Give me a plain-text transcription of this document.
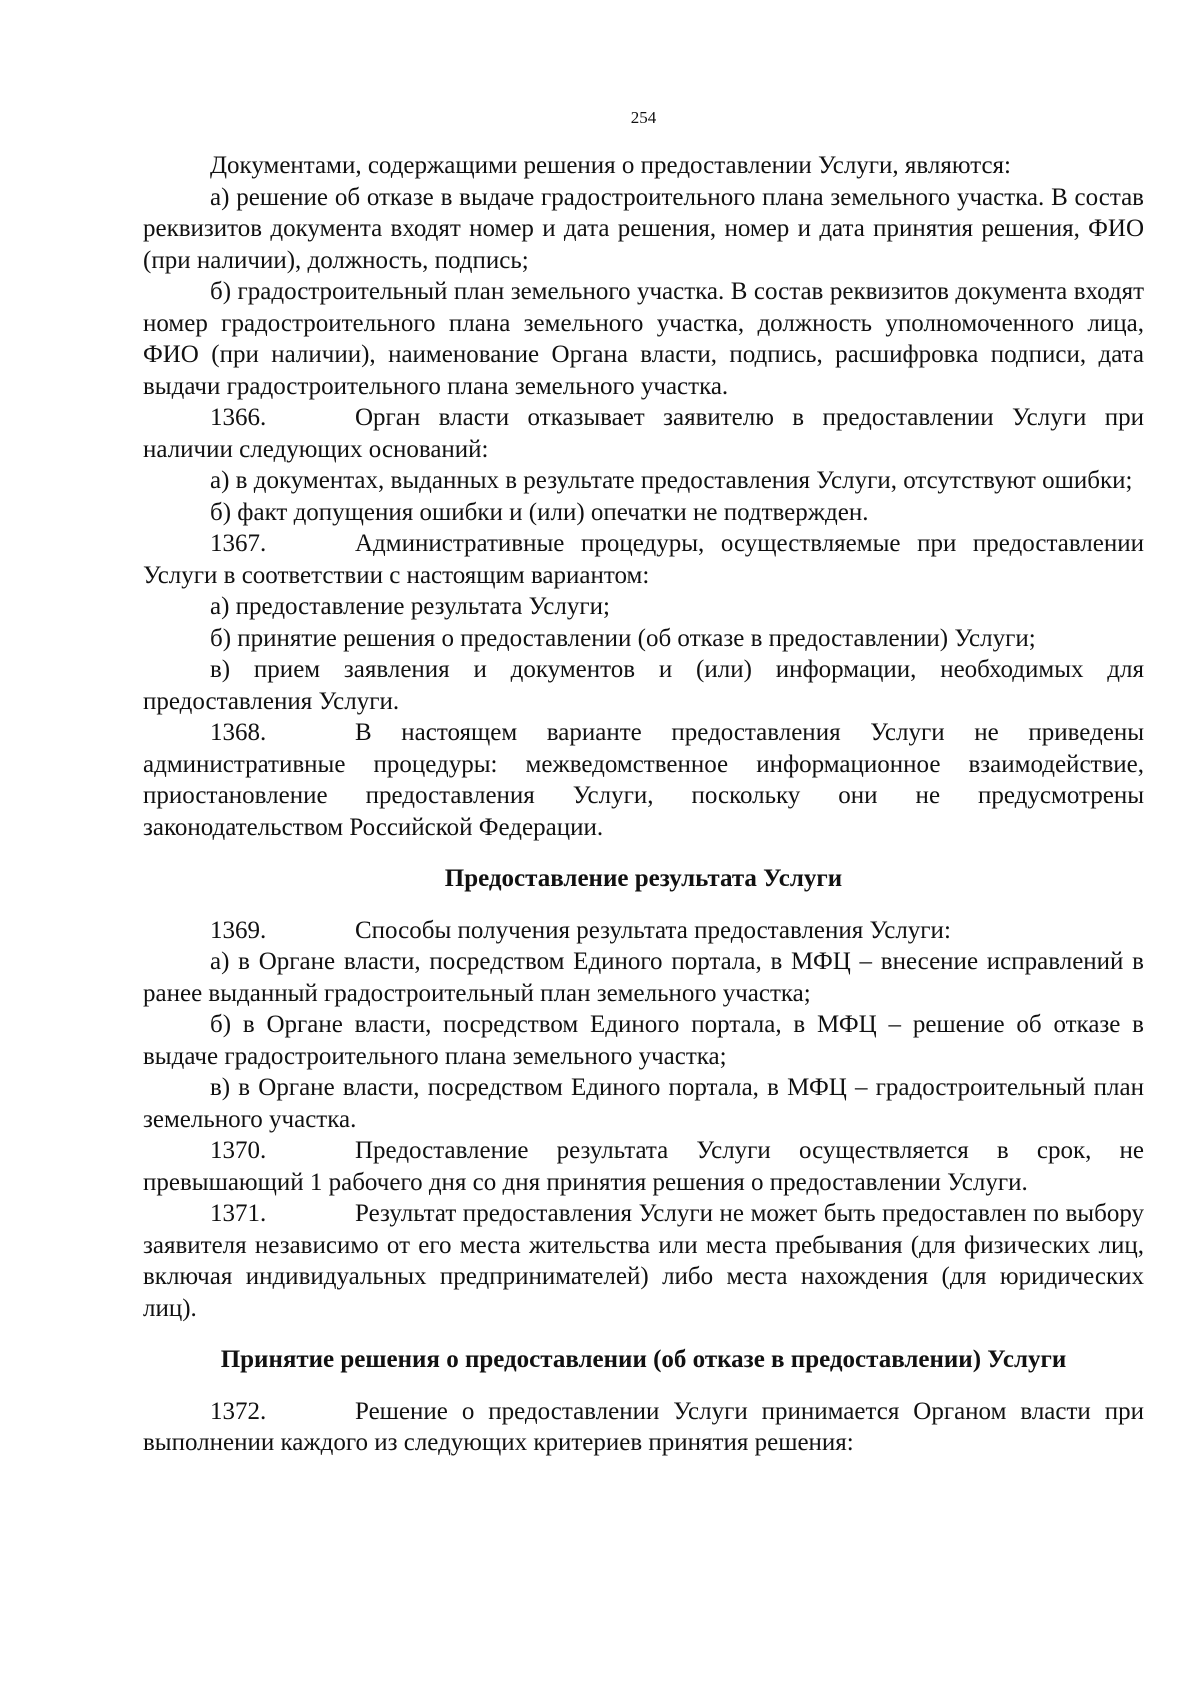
254

Документами, содержащими решения о предоставлении Услуги, являются:

а) решение об отказе в выдаче градостроительного плана земельного участка. В состав реквизитов документа входят номер и дата решения, номер и дата принятия решения, ФИО (при наличии), должность, подпись;

б) градостроительный план земельного участка. В состав реквизитов документа входят номер градостроительного плана земельного участка, должность уполномоченного лица, ФИО (при наличии), наименование Органа власти, подпись, расшифровка подписи, дата выдачи градостроительного плана земельного участка.

1366.	Орган власти отказывает заявителю в предоставлении Услуги при наличии следующих оснований:

а) в документах, выданных в результате предоставления Услуги, отсутствуют ошибки;

б) факт допущения ошибки и (или) опечатки не подтвержден.

1367.	Административные процедуры, осуществляемые при предоставлении Услуги в соответствии с настоящим вариантом:

а) предоставление результата Услуги;

б) принятие решения о предоставлении (об отказе в предоставлении) Услуги;

в) прием заявления и документов и (или) информации, необходимых для предоставления Услуги.

1368.	В настоящем варианте предоставления Услуги не приведены административные процедуры: межведомственное информационное взаимодействие, приостановление предоставления Услуги, поскольку они не предусмотрены законодательством Российской Федерации.

Предоставление результата Услуги

1369.	Способы получения результата предоставления Услуги:

а) в Органе власти, посредством Единого портала, в МФЦ – внесение исправлений в ранее выданный градостроительный план земельного участка;

б) в Органе власти, посредством Единого портала, в МФЦ – решение об отказе в выдаче градостроительного плана земельного участка;

в) в Органе власти, посредством Единого портала, в МФЦ – градостроительный план земельного участка.

1370.	Предоставление результата Услуги осуществляется в срок, не превышающий 1 рабочего дня со дня принятия решения о предоставлении Услуги.

1371.	Результат предоставления Услуги не может быть предоставлен по выбору заявителя независимо от его места жительства или места пребывания (для физических лиц, включая индивидуальных предпринимателей) либо места нахождения (для юридических лиц).

Принятие решения о предоставлении (об отказе в предоставлении) Услуги

1372.	Решение о предоставлении Услуги принимается Органом власти при выполнении каждого из следующих критериев принятия решения:
